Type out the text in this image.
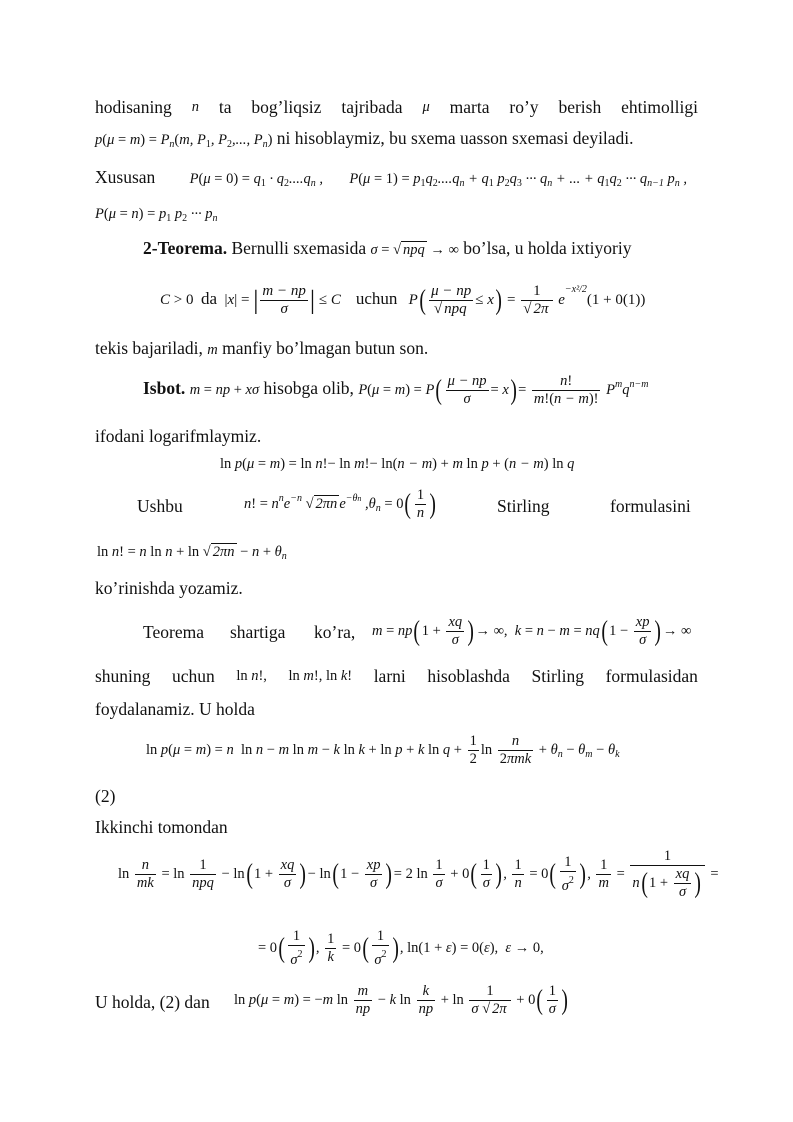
hodisaning n ta bog’liqsiz tajribada μ marta ro’y berish ehtimolligi
$p(\mu = m) = P_n(m$, $P_1$, $P_2$,..., $P_n$) ni hisoblaymiz, bu sxema uasson sxemasi deyiladi.
Xususan $P(\mu = 0) = q_1 \cdot q_2....q_n$ , $P(\mu = 1) = p_1q_2....q_n + q_1$ $p_2q_3$ ··· $q_n$ + ... + $q_1q_2$ ··· $q_{n-1}$ $p_n$ ,
$P(\mu = n) = p_1$ $p_2$ ··· $p_n$
2-Teorema. Bernulli sxemasida σ = √ npq → ∞ bo’lsa, u holda ixtiyoriy
C > 0 da |x| = | $\frac{m - np}{\sigma}$ | ≤ C    uchun   $P( \frac{\mu - np}{\text{√ npq}} \le x) = \frac{1}{√ 2\pi} e^{-x^2/2}(1 + 0(1))$
tekis bajariladi, m manfiy bo’lmagan butun son.
Isbot. m = np + xσ hisobga olib, $P(\mu = m) = P( \frac{\mu - np}{\sigma} = x)= \frac{n!}{m!(n - m)!} P^mq^{n-m}$
ifodani logarifmlaymiz.
ln p(μ = m) = ln n!− ln m!− ln(n − m) + m ln p + (n − m) ln q
Ushbu	n! = $n^ne^{-n}$ √ 2πn $e^{-\theta n}$ $,\theta_n = 0( \frac{1}{n}$ )	Stirling	formulasini
ln n! = n ln n + ln √ $2\pi n - n + \theta_n$
ko’rinishda yozamiz.
Teorema shartiga ko’ra, $m = np(1 + \frac{xq}{\sigma}$ )→ ∞,  $k = n - m = nq(1 - \frac{xp}{\sigma}$ )→ ∞
shuning uchun ln n!, ln m!, ln k! larni hisoblashda Stirling formulasidan
foydalanamiz. U holda
ln p(μ = m) = n  ln n − m ln m − k ln k + ln p + k $\ln q + \frac{1}{2}$ $\ln \frac{n}{\text{2πmk}} + \theta_n - \theta_m - \theta_k$
(2)
Ikkinchi tomondan
$\ln \frac{n}{mk} = \ln \frac{1}{\text{npq}} - \ln(1 + \frac{xq}{\sigma}$ )− $\ln(1 - \frac{xp}{\sigma}$ )= 2 $\ln \frac{1}{\sigma} + 0( \frac{1}{\sigma}$ ), $\frac{1}{n} = 0( \frac{1}{\sigma^2}$ ), $\frac{1}{m} = \frac{1}{n(1 + \frac{xq}{\sigma} )}$ =
= $0( \frac{1}{\sigma^2}$ ), $\frac{1}{k} = 0( \frac{1}{\sigma^2}$ ), ln(1 + ε) = 0(ε),  ε → 0,
U holda, (2) dan	ln p(μ = m) = −m $\ln \frac{m}{np} - k$ $\ln \frac{k}{np} + \ln \frac{1}{\sigma √ 2\pi} + 0( \frac{1}{\sigma}$ )
